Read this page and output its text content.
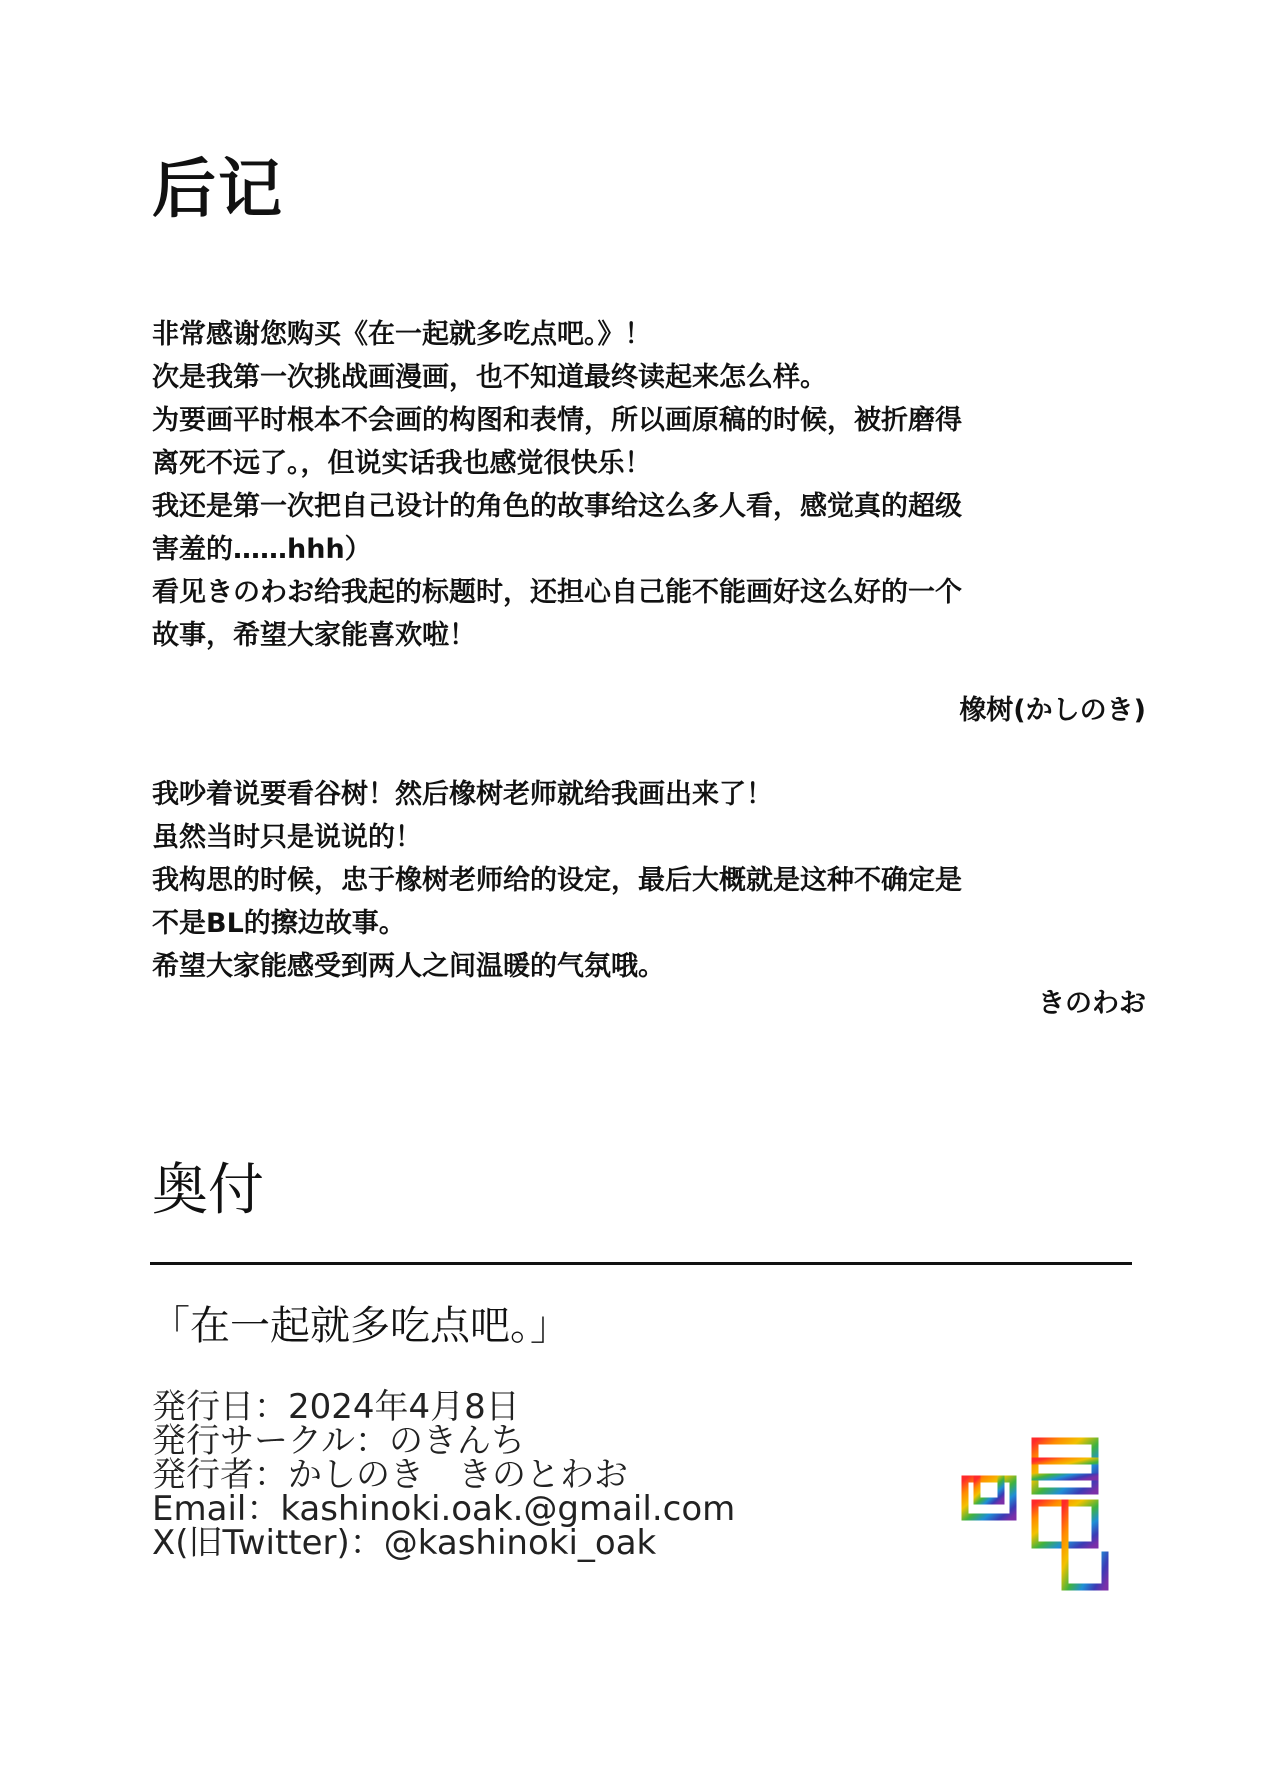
后记
非常感谢您购买《在一起就多吃点吧。》！
次是我第一次挑战画漫画，也不知道最终读起来怎么样。
为要画平时根本不会画的构图和表情，所以画原稿的时候，被折磨得
离死不远了。，但说实话我也感觉很快乐！
我还是第一次把自己设计的角色的故事给这么多人看，感觉真的超级
害羞的……hhh）
看见きのわお给我起的标题时，还担心自己能不能画好这么好的一个
故事，希望大家能喜欢啦！
橡树(かしのき)
我吵着说要看谷树！然后橡树老师就给我画出来了！
虽然当时只是说说的！
我构思的时候，忠于橡树老师给的设定，最后大概就是这种不确定是
不是BL的擦边故事。
希望大家能感受到两人之间温暖的气氛哦。
きのわお
奥付
「在一起就多吃点吧。」
発行日：2024年4月8日
発行サークル：のきんち
発行者：かしのき　きのとわお
Email：kashinoki.oak.@gmail.com
X(旧Twitter)：@kashinoki_oak
